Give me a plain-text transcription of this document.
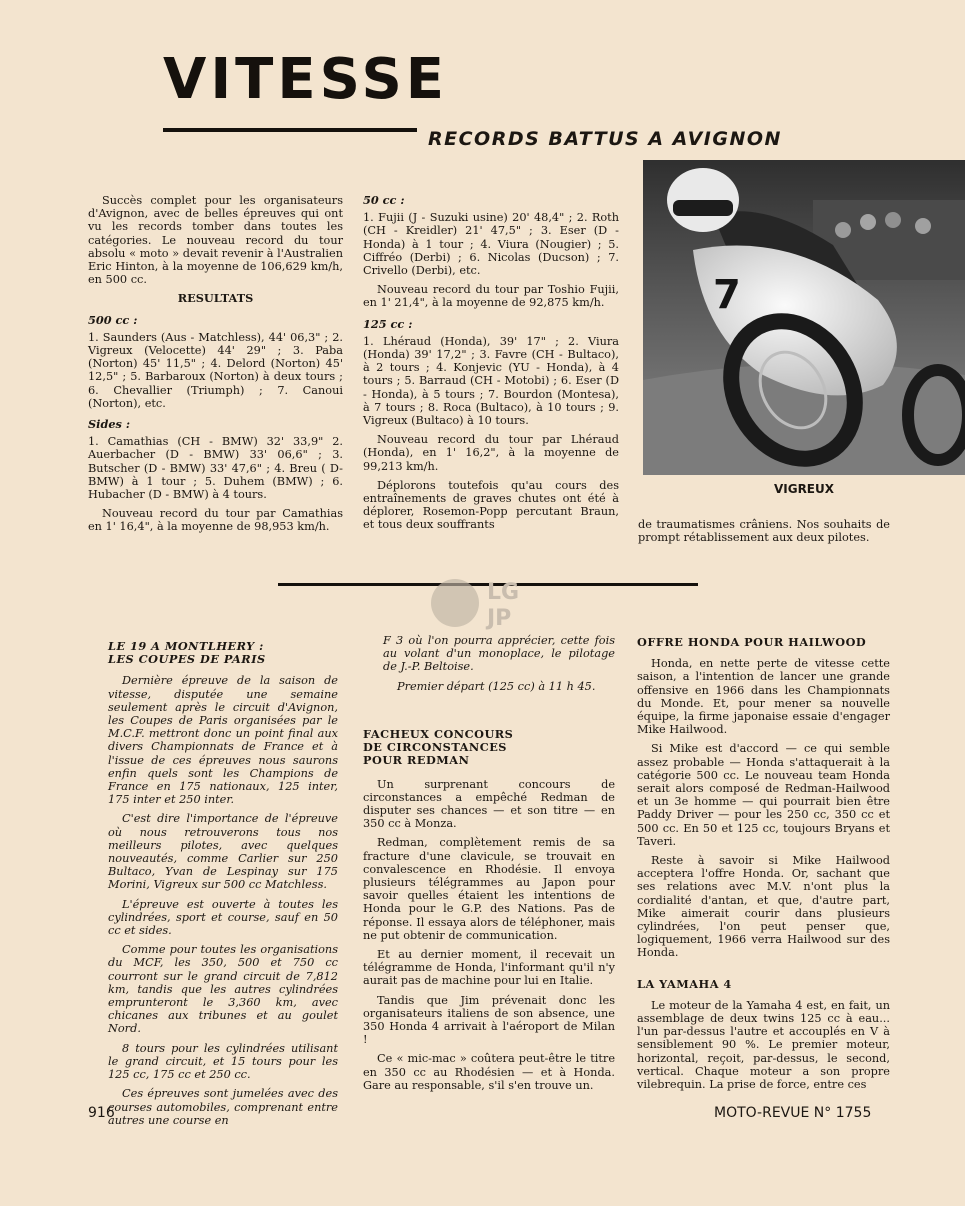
VITESSE
RECORDS BATTUS A AVIGNON

Succès complet pour les organisateurs d'Avignon, avec de belles épreuves qui ont vu les records tomber dans toutes les catégories. Le nouveau record du tour absolu « moto » devait revenir à l'Australien Eric Hinton, à la moyenne de 106,629 km/h, en 500 cc.

RESULTATS
500 cc :

1. Saunders (Aus - Matchless), 44' 06,3" ; 2. Vigreux (Velocette) 44' 29" ; 3. Paba (Norton) 45' 11,5" ; 4. Delord (Norton) 45' 12,5" ; 5. Barbaroux (Norton) à deux tours ; 6. Chevallier (Triumph) ; 7. Canoui (Norton), etc.

Sides :

1. Camathias (CH - BMW) 32' 33,9" 2. Auerbacher (D - BMW) 33' 06,6" ; 3. Butscher (D - BMW) 33' 47,6" ; 4. Breu ( D- BMW) à 1 tour ; 5. Duhem (BMW) ; 6. Hubacher (D - BMW) à 4 tours.

Nouveau record du tour par Camathias en 1' 16,4", à la moyenne de 98,953 km/h.

50 cc :

1. Fujii (J - Suzuki usine) 20' 48,4" ; 2. Roth (CH - Kreidler) 21' 47,5" ; 3. Eser (D - Honda) à 1 tour ; 4. Viura (Nougier) ; 5. Ciffréo (Derbi) ; 6. Nicolas (Ducson) ; 7. Crivello (Derbi), etc.

Nouveau record du tour par Toshio Fujii, en 1' 21,4", à la moyenne de 92,875 km/h.

125 cc :

1. Lhéraud (Honda), 39' 17" ; 2. Viura (Honda) 39' 17,2" ; 3. Favre (CH - Bultaco), à 2 tours ; 4. Konjevic (YU - Honda), à 4 tours ; 5. Barraud (CH - Motobi) ; 6. Eser (D - Honda), à 5 tours ; 7. Bourdon (Montesa), à 7 tours ; 8. Roca (Bultaco), à 10 tours ; 9. Vigreux (Bultaco) à 10 tours.

Nouveau record du tour par Lhéraud (Honda), en 1' 16,2", à la moyenne de 99,213 km/h.

Déplorons toutefois qu'au cours des entraînements de graves chutes ont été à déplorer, Rosemon-Popp percutant Braun, et tous deux souffrants

7
VIGREUX

de traumatismes crâniens. Nos souhaits de prompt rétablissement aux deux pilotes.

LG
JP
LE 19 A MONTLHERY :
LES COUPES DE PARIS

Dernière épreuve de la saison de vitesse, disputée une semaine seulement après le circuit d'Avignon, les Coupes de Paris organisées par le M.C.F. mettront donc un point final aux divers Championnats de France et à l'issue de ces épreuves nous saurons enfin quels sont les Champions de France en 175 nationaux, 125 inter, 175 inter et 250 inter.

C'est dire l'importance de l'épreuve où nous retrouverons tous nos meilleurs pilotes, avec quelques nouveautés, comme Carlier sur 250 Bultaco, Yvan de Lespinay sur 175 Morini, Vigreux sur 500 cc Matchless.

L'épreuve est ouverte à toutes les cylindrées, sport et course, sauf en 50 cc et sides.

Comme pour toutes les organisations du MCF, les 350, 500 et 750 cc courront sur le grand circuit de 7,812 km, tandis que les autres cylindrées emprunteront le 3,360 km, avec chicanes aux tribunes et au goulet Nord.

8 tours pour les cylindrées utilisant le grand circuit, et 15 tours pour les 125 cc, 175 cc et 250 cc.

Ces épreuves sont jumelées avec des courses automobiles, comprenant entre autres une course en

F 3 où l'on pourra apprécier, cette fois au volant d'un monoplace, le pilotage de J.-P. Beltoise.

Premier départ (125 cc) à 11 h 45.

FACHEUX CONCOURS
DE CIRCONSTANCES
POUR REDMAN

Un surprenant concours de circonstances a empêché Redman de disputer ses chances — et son titre — en 350 cc à Monza.

Redman, complètement remis de sa fracture d'une clavicule, se trouvait en convalescence en Rhodésie. Il envoya plusieurs télégrammes au Japon pour savoir quelles étaient les intentions de Honda pour le G.P. des Nations. Pas de réponse. Il essaya alors de téléphoner, mais ne put obtenir de communication.

Et au dernier moment, il recevait un télégramme de Honda, l'informant qu'il n'y aurait pas de machine pour lui en Italie.

Tandis que Jim prévenait donc les organisateurs italiens de son absence, une 350 Honda 4 arrivait à l'aéroport de Milan !

Ce « mic-mac » coûtera peut-être le titre en 350 cc au Rhodésien — et à Honda. Gare au responsable, s'il s'en trouve un.

OFFRE HONDA POUR HAILWOOD

Honda, en nette perte de vitesse cette saison, a l'intention de lancer une grande offensive en 1966 dans les Championnats du Monde. Et, pour mener sa nouvelle équipe, la firme japonaise essaie d'engager Mike Hailwood.

Si Mike est d'accord — ce qui semble assez probable — Honda s'attaquerait à la catégorie 500 cc. Le nouveau team Honda serait alors composé de Redman-Hailwood et un 3e homme — qui pourrait bien être Paddy Driver — pour les 250 cc, 350 cc et 500 cc. En 50 et 125 cc, toujours Bryans et Taveri.

Reste à savoir si Mike Hailwood acceptera l'offre Honda. Or, sachant que ses relations avec M.V. n'ont plus la cordialité d'antan, et que, d'autre part, Mike aimerait courir dans plusieurs cylindrées, l'on peut penser que, logiquement, 1966 verra Hailwood sur des Honda.

LA YAMAHA 4

Le moteur de la Yamaha 4 est, en fait, un assemblage de deux twins 125 cc à eau... l'un par-dessus l'autre et accouplés en V à sensiblement 90 %. Le premier moteur, horizontal, reçoit, par-dessus, le second, vertical. Chaque moteur a son propre vilebrequin. La prise de force, entre ces

916	MOTO-REVUE N° 1755
